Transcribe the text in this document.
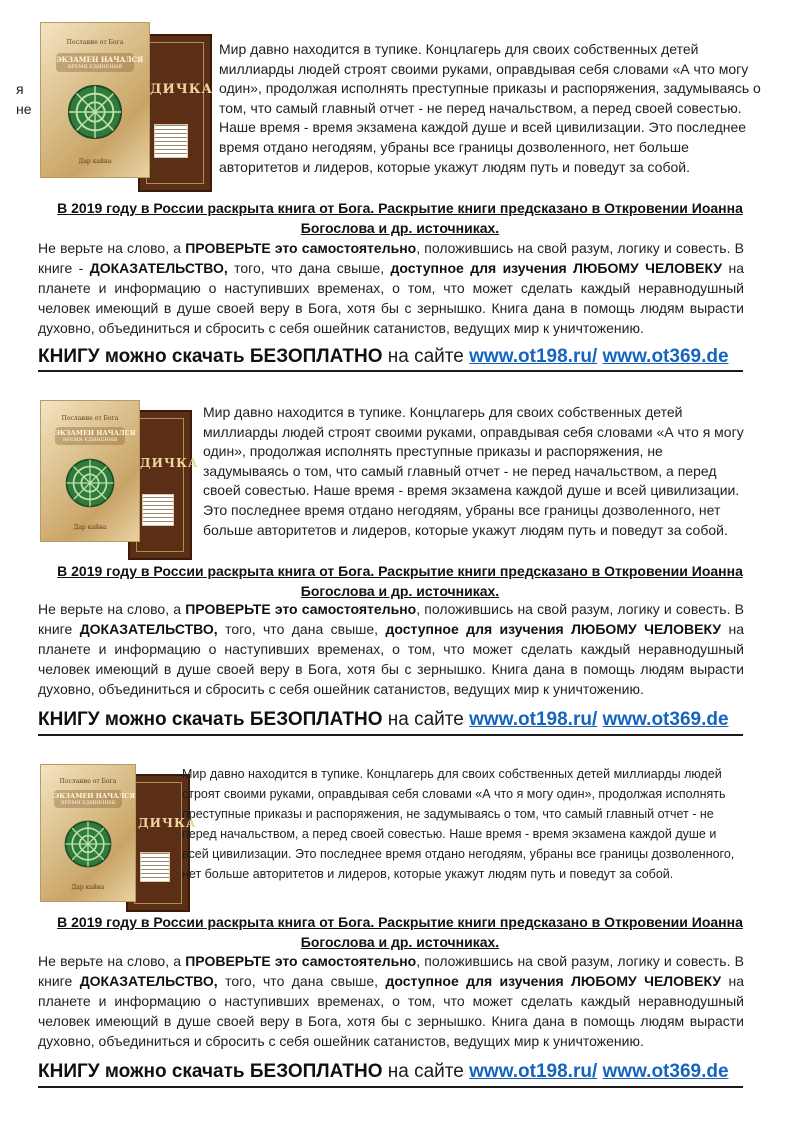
я
не
ДИЧКА
Послание от Бога
ЭКЗАМЕН НАЧАЛСЯ
ВРЕМЯ ЕДИНЕНИЯ
Дар кайна
Мир давно находится в тупике. Концлагерь для своих собственных детей миллиарды людей строят своими руками, оправдывая себя словами «А что могу один», продолжая исполнять преступные приказы и распоряжения, задумываясь о том, что самый главный отчет - не перед начальством, а перед своей совестью. Наше время - время экзамена каждой душе и всей цивилизации. Это последнее время отдано негодяям, убраны все границы дозволенного, нет больше авторитетов и лидеров, которые укажут людям путь и поведут за собой.
В 2019 году в России раскрыта книга от Бога. Раскрытие книги предсказано в Откровении Иоанна Богослова и др. источниках.
Не верьте на слово, а ПРОВЕРЬТЕ это самостоятельно, положившись на свой разум, логику и совесть. В книге - ДОКАЗАТЕЛЬСТВО, того, что дана свыше, доступное для изучения ЛЮБОМУ ЧЕЛОВЕКУ на планете и информацию о наступивших временах, о том, что может сделать каждый неравнодушный человек имеющий в душе своей веру в Бога, хотя бы с зернышко. Книга дана в помощь людям вырасти духовно, объединиться и сбросить с себя ошейник сатанистов, ведущих мир к уничтожению.
КНИГУ можно скачать БЕЗОПЛАТНО на сайте www.ot198.ru/ www.ot369.de
ДИЧКА
Послание от Бога
ЭКЗАМЕН НАЧАЛСЯ
ВРЕМЯ ЕДИНЕНИЯ
Дар кайна
Мир давно находится в тупике. Концлагерь для своих собственных детей миллиарды людей строят своими руками, оправдывая себя словами «А что я могу один», продолжая исполнять преступные приказы и распоряжения, не задумываясь о том, что самый главный отчет - не перед начальством, а перед своей совестью. Наше время - время экзамена каждой душе и всей цивилизации. Это последнее время отдано негодяям, убраны все границы дозволенного, нет больше авторитетов и лидеров, которые укажут людям путь и поведут за собой.
В 2019 году в России раскрыта книга от Бога. Раскрытие книги предсказано в Откровении Иоанна Богослова и др. источниках.
Не верьте на слово, а ПРОВЕРЬТЕ это самостоятельно, положившись на свой разум, логику и совесть. В книге ДОКАЗАТЕЛЬСТВО, того, что дана свыше, доступное для изучения ЛЮБОМУ ЧЕЛОВЕКУ на планете и информацию о наступивших временах, о том, что может сделать каждый неравнодушный человек имеющий в душе своей веру в Бога, хотя бы с зернышко. Книга дана в помощь людям вырасти духовно, объединиться и сбросить с себя ошейник сатанистов, ведущих мир к уничтожению.
КНИГУ можно скачать БЕЗОПЛАТНО на сайте www.ot198.ru/ www.ot369.de
ДИЧКА
Послание от Бога
ЭКЗАМЕН НАЧАЛСЯ
ВРЕМЯ ЕДИНЕНИЯ
Дар кайна
Мир давно находится в тупике. Концлагерь для своих собственных детей миллиарды людей строят своими руками, оправдывая себя словами «А что я могу один», продолжая исполнять преступные приказы и распоряжения, не задумываясь о том, что самый главный отчет - не перед начальством, а перед своей совестью. Наше время - время экзамена каждой душе и всей цивилизации. Это последнее время отдано негодяям, убраны все границы дозволенного, нет больше авторитетов и лидеров, которые укажут людям путь и поведут за собой.
В 2019 году в России раскрыта книга от Бога. Раскрытие книги предсказано в Откровении Иоанна Богослова и др. источниках.
Не верьте на слово, а ПРОВЕРЬТЕ это самостоятельно, положившись на свой разум, логику и совесть. В книге ДОКАЗАТЕЛЬСТВО, того, что дана свыше, доступное для изучения ЛЮБОМУ ЧЕЛОВЕКУ на планете и информацию о наступивших временах, о том, что может сделать каждый неравнодушный человек имеющий в душе своей веру в Бога, хотя бы с зернышко. Книга дана в помощь людям вырасти духовно, объединиться и сбросить с себя ошейник сатанистов, ведущих мир к уничтожению.
КНИГУ можно скачать БЕЗОПЛАТНО на сайте www.ot198.ru/ www.ot369.de
